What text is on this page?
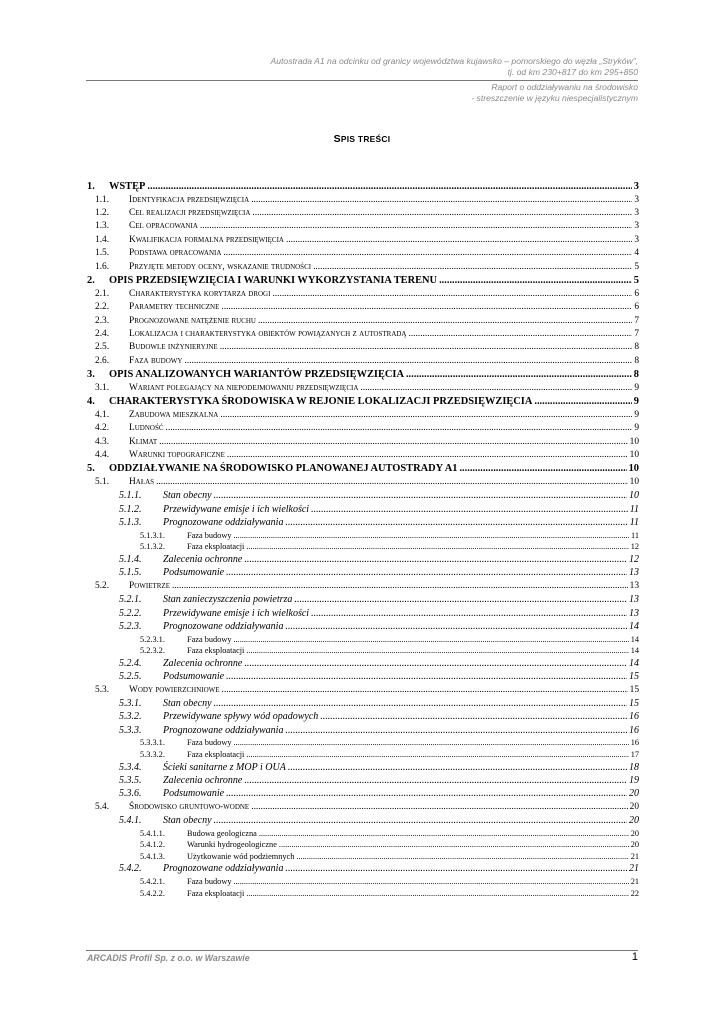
Autostrada A1 na odcinku od granicy województwa kujawsko – pomorskiego do węzła „Stryków”,
tj. od km 230+817 do km 295+850
Raport o oddziaływaniu na środowisko
- streszczenie w języku niespecjalistycznym
SPIS TREŚCI
1.	WSTĘP .....	3
1.1.	Identyfikacja przedsięwzięcia .....	3
1.2.	Cel realizacji przedsięwzięcia .....	3
1.3.	Cel opracowania .....	3
1.4.	Kwalifikacja formalna przedsięwięcia .....	3
1.5.	Podstawa opracowania .....	4
1.6.	Przyjęte metody oceny, wskazanie trudności .....	5
2.	OPIS PRZEDSIĘWZIĘCIA I WARUNKI WYKORZYSTANIA TERENU .....	5
2.1.	Charakterystyka korytarza drogi .....	6
2.2.	Parametry techniczne .....	6
2.3.	Prognozowane natężenie ruchu .....	7
2.4.	Lokalizacja i charakterystyka obiektów powiązanych z autostradą .....	7
2.5.	Budowle inżynieryjne .....	8
2.6.	Faza budowy .....	8
3.	OPIS ANALIZOWANYCH WARIANTÓW PRZEDSIĘWZIĘCIA .....	8
3.1.	Wariant polegający na niepodejmowaniu przedsięwzięcia .....	9
4.	CHARAKTERYSTYKA ŚRODOWISKA W REJONIE LOKALIZACJI PRZEDSIĘWZIĘCIA .....	9
4.1.	Zabudowa mieszkalna .....	9
4.2.	Ludność .....	9
4.3.	Klimat .....	10
4.4.	Warunki topograficzne .....	10
5.	ODDZIAŁYWANIE NA ŚRODOWISKO PLANOWANEJ AUTOSTRADY A1 .....	10
5.1.	Hałas .....	10
5.1.1.	Stan obecny .....	10
5.1.2.	Przewidywane emisje i ich wielkości .....	11
5.1.3.	Prognozowane oddziaływania .....	11
5.1.3.1.	Faza budowy .....	11
5.1.3.2.	Faza eksploatacji .....	12
5.1.4.	Zalecenia ochronne .....	12
5.1.5.	Podsumowanie .....	13
5.2.	Powietrze .....	13
5.2.1.	Stan zanieczyszczenia powietrza .....	13
5.2.2.	Przewidywane emisje i ich wielkości .....	13
5.2.3.	Prognozowane oddziaływania .....	14
5.2.3.1.	Faza budowy .....	14
5.2.3.2.	Faza eksploatacji .....	14
5.2.4.	Zalecenia ochronne .....	14
5.2.5.	Podsumowanie .....	15
5.3.	Wody powierzchniowe .....	15
5.3.1.	Stan obecny .....	15
5.3.2.	Przewidywane spływy wód opadowych .....	16
5.3.3.	Prognozowane oddziaływania .....	16
5.3.3.1.	Faza budowy .....	16
5.3.3.2.	Faza eksploatacji .....	17
5.3.4.	Ścieki sanitarne z MOP i OUA .....	18
5.3.5.	Zalecenia ochronne .....	19
5.3.6.	Podsumowanie .....	20
5.4.	Środowisko gruntowo-wodne .....	20
5.4.1.	Stan obecny .....	20
5.4.1.1.	Budowa geologiczna .....	20
5.4.1.2.	Warunki hydrogeologiczne .....	20
5.4.1.3.	Użytkowanie wód podziemnych .....	21
5.4.2.	Prognozowane oddziaływania .....	21
5.4.2.1.	Faza budowy .....	21
5.4.2.2.	Faza eksploatacji .....	22
ARCADIS Profil Sp. z o.o. w Warszawie	1
